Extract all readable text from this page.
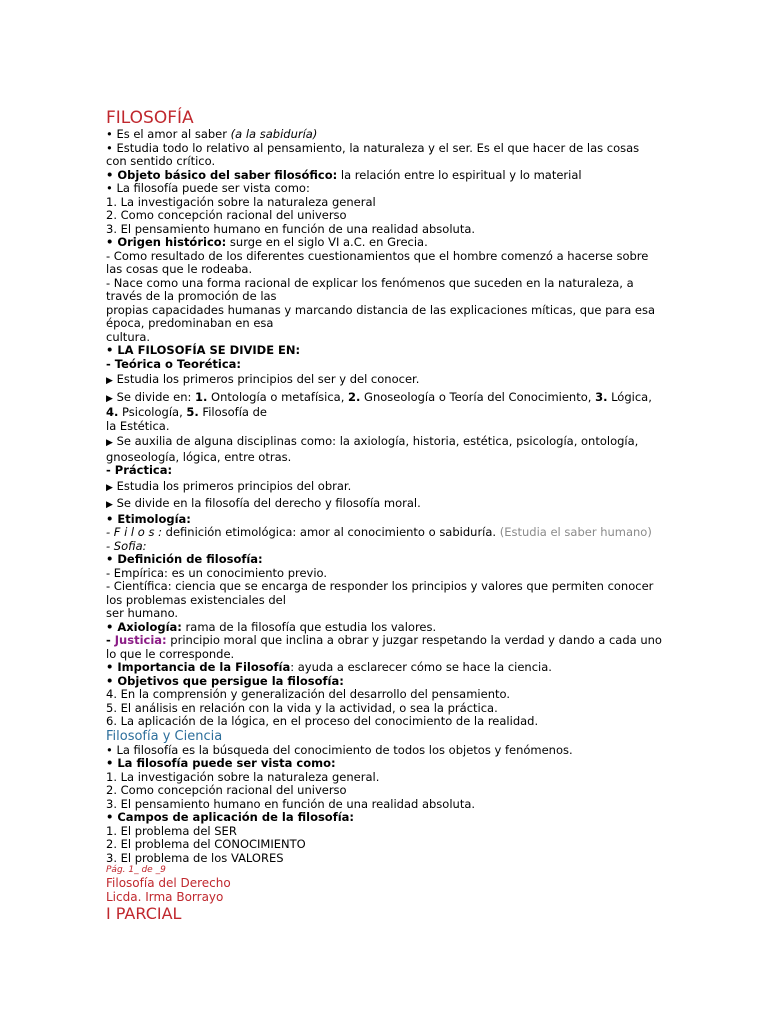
FILOSOFÍA
• Es el amor al saber (a la sabiduría)
• Estudia todo lo relativo al pensamiento, la naturaleza y el ser. Es el que hacer de las cosas con sentido crítico.
• Objeto básico del saber filosófico: la relación entre lo espiritual y lo material
• La filosofía puede ser vista como:
1. La investigación sobre la naturaleza general
2. Como concepción racional del universo
3. El pensamiento humano en función de una realidad absoluta.
• Origen histórico: surge en el siglo VI a.C. en Grecia.
- Como resultado de los diferentes cuestionamientos que el hombre comenzó a hacerse sobre las cosas que le rodeaba.
- Nace como una forma racional de explicar los fenómenos que suceden en la naturaleza, a
través de la promoción de las
propias capacidades humanas y marcando distancia de las explicaciones míticas, que para esa
época, predominaban en esa
cultura.
• LA FILOSOFÍA SE DIVIDE EN:
- Teórica o Teorética:
▶ Estudia los primeros principios del ser y del conocer.
▶ Se divide en: 1. Ontología o metafísica, 2. Gnoseología o Teoría del Conocimiento, 3. Lógica,
4. Psicología, 5. Filosofía de
la Estética.
▶ Se auxilia de alguna disciplinas como: la axiología, historia, estética, psicología, ontología, gnoseología, lógica, entre otras.
- Práctica:
▶ Estudia los primeros principios del obrar.
▶ Se divide en la filosofía del derecho y filosofía moral.
• Etimología:
- F i l o s : definición etimológica: amor al conocimiento o sabiduría. (Estudia el saber humano)
- Sofia:
• Definición de filosofía:
- Empírica: es un conocimiento previo.
- Científica: ciencia que se encarga de responder los principios y valores que permiten conocer
los problemas existenciales del
ser humano.
• Axiología: rama de la filosofía que estudia los valores.
- Justicia: principio moral que inclina a obrar y juzgar respetando la verdad y dando a cada uno lo que le corresponde.
• Importancia de la Filosofía: ayuda a esclarecer cómo se hace la ciencia.
• Objetivos que persigue la filosofía:
4. En la comprensión y generalización del desarrollo del pensamiento.
5. El análisis en relación con la vida y la actividad, o sea la práctica.
6. La aplicación de la lógica, en el proceso del conocimiento de la realidad.
Filosofía y Ciencia
• La filosofía es la búsqueda del conocimiento de todos los objetos y fenómenos.
• La filosofía puede ser vista como:
1. La investigación sobre la naturaleza general.
2. Como concepción racional del universo
3. El pensamiento humano en función de una realidad absoluta.
• Campos de aplicación de la filosofía:
1. El problema del SER
2. El problema del CONOCIMIENTO
3. El problema de los VALORES
Pág. 1_ de _9
Filosofía del Derecho
Licda. Irma Borrayo
I PARCIAL
